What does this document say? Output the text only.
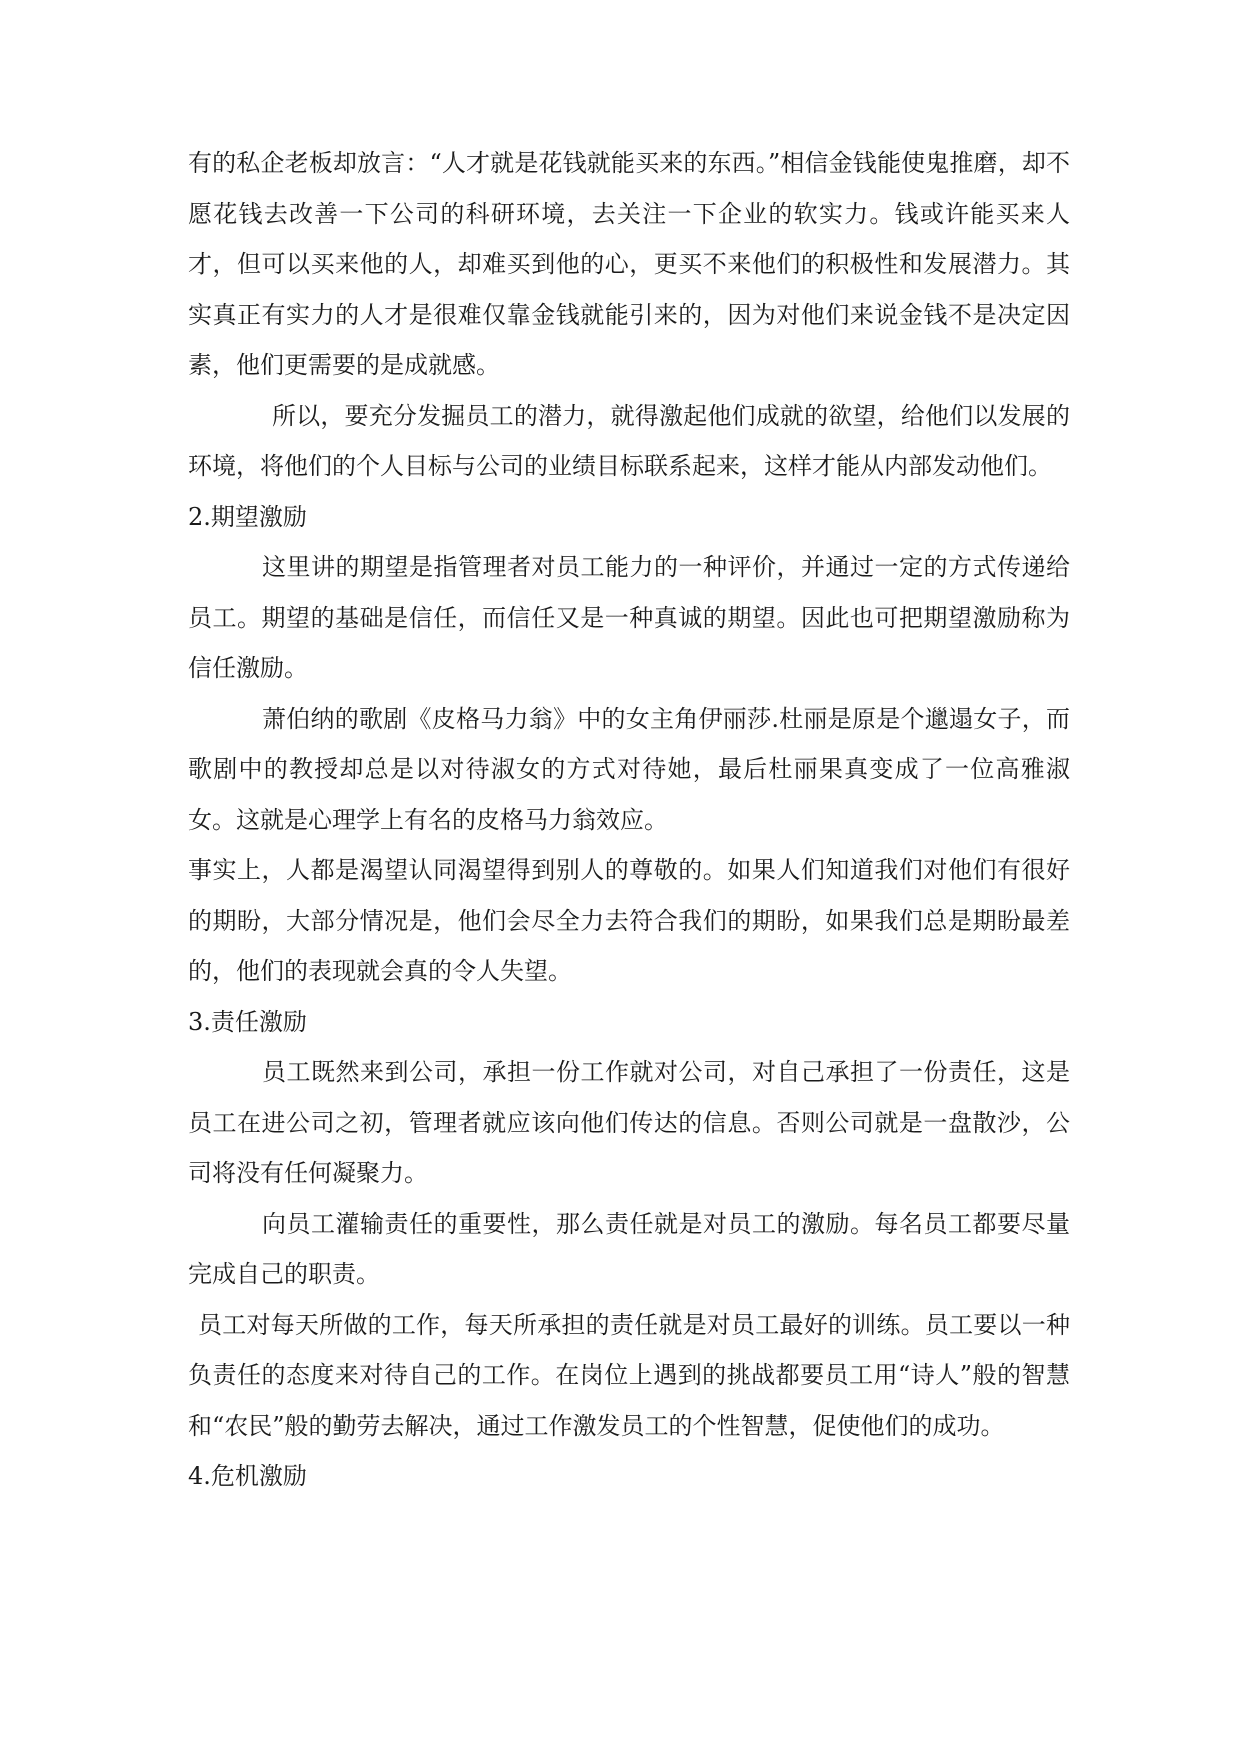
有的私企老板却放言：“人才就是花钱就能买来的东西。”相信金钱能使鬼推磨，却不愿花钱去改善一下公司的科研环境，去关注一下企业的软实力。钱或许能买来人才，但可以买来他的人，却难买到他的心，更买不来他们的积极性和发展潜力。其实真正有实力的人才是很难仅靠金钱就能引来的，因为对他们来说金钱不是决定因素，他们更需要的是成就感。

所以，要充分发掘员工的潜力，就得激起他们成就的欲望，给他们以发展的环境，将他们的个人目标与公司的业绩目标联系起来，这样才能从内部发动他们。

2.期望激励

这里讲的期望是指管理者对员工能力的一种评价，并通过一定的方式传递给员工。期望的基础是信任，而信任又是一种真诚的期望。因此也可把期望激励称为信任激励。

萧伯纳的歌剧《皮格马力翁》中的女主角伊丽莎.杜丽是原是个邋遢女子，而歌剧中的教授却总是以对待淑女的方式对待她，最后杜丽果真变成了一位高雅淑女。这就是心理学上有名的皮格马力翁效应。

事实上，人都是渴望认同渴望得到别人的尊敬的。如果人们知道我们对他们有很好的期盼，大部分情况是，他们会尽全力去符合我们的期盼，如果我们总是期盼最差的，他们的表现就会真的令人失望。

3.责任激励

员工既然来到公司，承担一份工作就对公司，对自己承担了一份责任，这是员工在进公司之初，管理者就应该向他们传达的信息。否则公司就是一盘散沙，公司将没有任何凝聚力。

向员工灌输责任的重要性，那么责任就是对员工的激励。每名员工都要尽量完成自己的职责。

员工对每天所做的工作，每天所承担的责任就是对员工最好的训练。员工要以一种负责任的态度来对待自己的工作。在岗位上遇到的挑战都要员工用“诗人”般的智慧和“农民”般的勤劳去解决，通过工作激发员工的个性智慧，促使他们的成功。

4.危机激励
